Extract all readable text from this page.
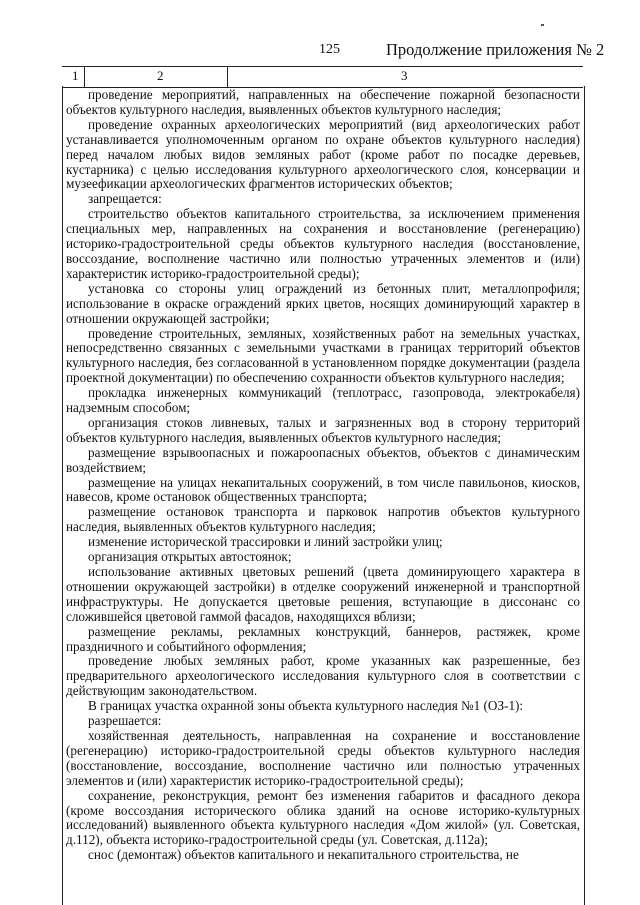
125	Продолжение приложения № 2
1	2	3

проведение мероприятий, направленных на обеспечение пожарной безопасности объектов культурного наследия, выявленных объектов культурного наследия;

проведение охранных археологических мероприятий (вид археологических работ устанавливается уполномоченным органом по охране объектов культурного наследия) перед началом любых видов земляных работ (кроме работ по посадке деревьев, кустарника) с целью исследования культурного археологического слоя, консервации и музеефикации археологических фрагментов исторических объектов;

запрещается:

строительство объектов капитального строительства, за исключением применения специальных мер, направленных на сохранения и восстановление (регенерацию) историко-градостроительной среды объектов культурного наследия (восстановление, воссоздание, восполнение частично или полностью утраченных элементов и (или) характеристик историко-градостроительной среды);

установка со стороны улиц ограждений из бетонных плит, металлопрофиля; использование в окраске ограждений ярких цветов, носящих доминирующий характер в отношении окружающей застройки;

проведение строительных, земляных, хозяйственных работ на земельных участках, непосредственно связанных с земельными участками в границах территорий объектов культурного наследия, без согласованной в установленном порядке документации (раздела проектной документации) по обеспечению сохранности объектов культурного наследия;

прокладка инженерных коммуникаций (теплотрасс, газопровода, электрокабеля) надземным способом;

организация стоков ливневых, талых и загрязненных вод в сторону территорий объектов культурного наследия, выявленных объектов культурного наследия;

размещение взрывоопасных и пожароопасных объектов, объектов с динамическим воздействием;

размещение на улицах некапитальных сооружений, в том числе павильонов, киосков, навесов, кроме остановок общественных транспорта;

размещение остановок транспорта и парковок напротив объектов культурного наследия, выявленных объектов культурного наследия;

изменение исторической трассировки и линий застройки улиц;

организация открытых автостоянок;

использование активных цветовых решений (цвета доминирующего характера в отношении окружающей застройки) в отделке сооружений инженерной и транспортной инфраструктуры. Не допускается цветовые решения, вступающие в диссонанс со сложившейся цветовой гаммой фасадов, находящихся вблизи;

размещение рекламы, рекламных конструкций, баннеров, растяжек, кроме праздничного и событийного оформления;

проведение любых земляных работ, кроме указанных как разрешенные, без предварительного археологического исследования культурного слоя в соответствии с действующим законодательством.

В границах участка охранной зоны объекта культурного наследия №1 (ОЗ-1):

разрешается:

хозяйственная деятельность, направленная на сохранение и восстановление (регенерацию) историко-градостроительной среды объектов культурного наследия (восстановление, воссоздание, восполнение частично или полностью утраченных элементов и (или) характеристик историко-градостроительной среды);

сохранение, реконструкция, ремонт без изменения габаритов и фасадного декора (кроме воссоздания исторического облика зданий на основе историко-культурных исследований) выявленного объекта культурного наследия «Дом жилой» (ул. Советская, д.112), объекта историко-градостроительной среды (ул. Советская, д.112а);

снос (демонтаж) объектов капитального и некапитального строительства, не
